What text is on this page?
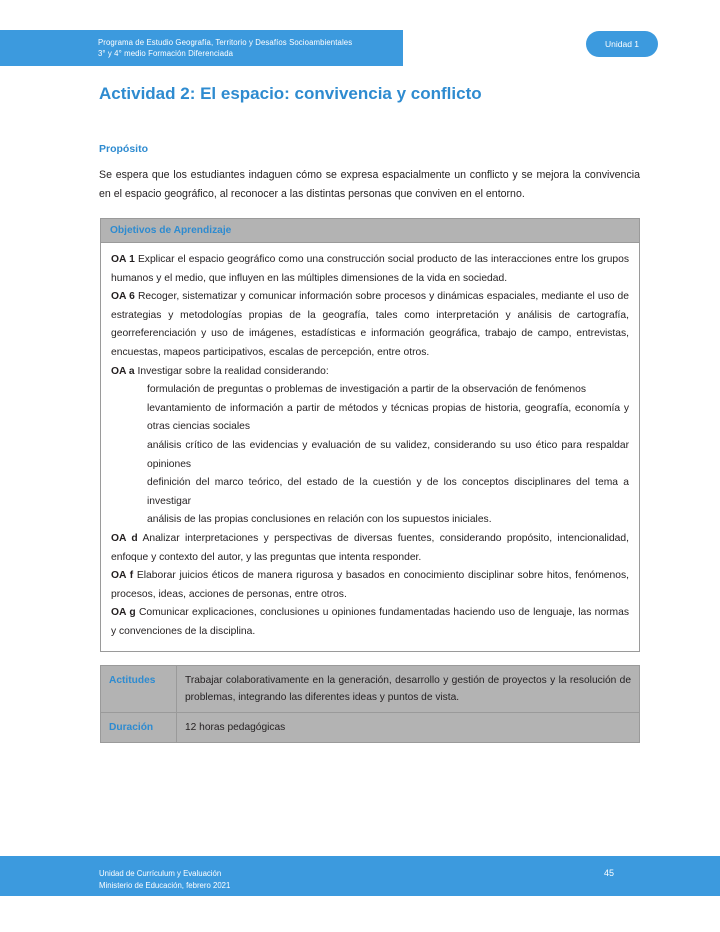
Programa de Estudio Geografía, Territorio y Desafíos Socioambientales
3° y 4° medio Formación Diferenciada
Unidad 1
Actividad 2: El espacio: convivencia y conflicto
Propósito
Se espera que los estudiantes indaguen cómo se expresa espacialmente un conflicto y se mejora la convivencia en el espacio geográfico, al reconocer a las distintas personas que conviven en el entorno.
Objetivos de Aprendizaje

OA 1 Explicar el espacio geográfico como una construcción social producto de las interacciones entre los grupos humanos y el medio, que influyen en las múltiples dimensiones de la vida en sociedad.

OA 6 Recoger, sistematizar y comunicar información sobre procesos y dinámicas espaciales, mediante el uso de estrategias y metodologías propias de la geografía, tales como interpretación y análisis de cartografía, georreferenciación y uso de imágenes, estadísticas e información geográfica, trabajo de campo, entrevistas, encuestas, mapeos participativos, escalas de percepción, entre otros.

OA a Investigar sobre la realidad considerando:

formulación de preguntas o problemas de investigación a partir de la observación de fenómenos

levantamiento de información a partir de métodos y técnicas propias de historia, geografía, economía y otras ciencias sociales

análisis crítico de las evidencias y evaluación de su validez, considerando su uso ético para respaldar opiniones

definición del marco teórico, del estado de la cuestión y de los conceptos disciplinares del tema a investigar

análisis de las propias conclusiones en relación con los supuestos iniciales.

OA d Analizar interpretaciones y perspectivas de diversas fuentes, considerando propósito, intencionalidad, enfoque y contexto del autor, y las preguntas que intenta responder.

OA f Elaborar juicios éticos de manera rigurosa y basados en conocimiento disciplinar sobre hitos, fenómenos, procesos, ideas, acciones de personas, entre otros.

OA g Comunicar explicaciones, conclusiones u opiniones fundamentadas haciendo uso de lenguaje, las normas y convenciones de la disciplina.

Actitudes	Trabajar colaborativamente en la generación, desarrollo y gestión de proyectos y la resolución de problemas, integrando las diferentes ideas y puntos de vista.
Duración	12 horas pedagógicas
Unidad de Currículum y Evaluación
Ministerio de Educación, febrero 2021
45
